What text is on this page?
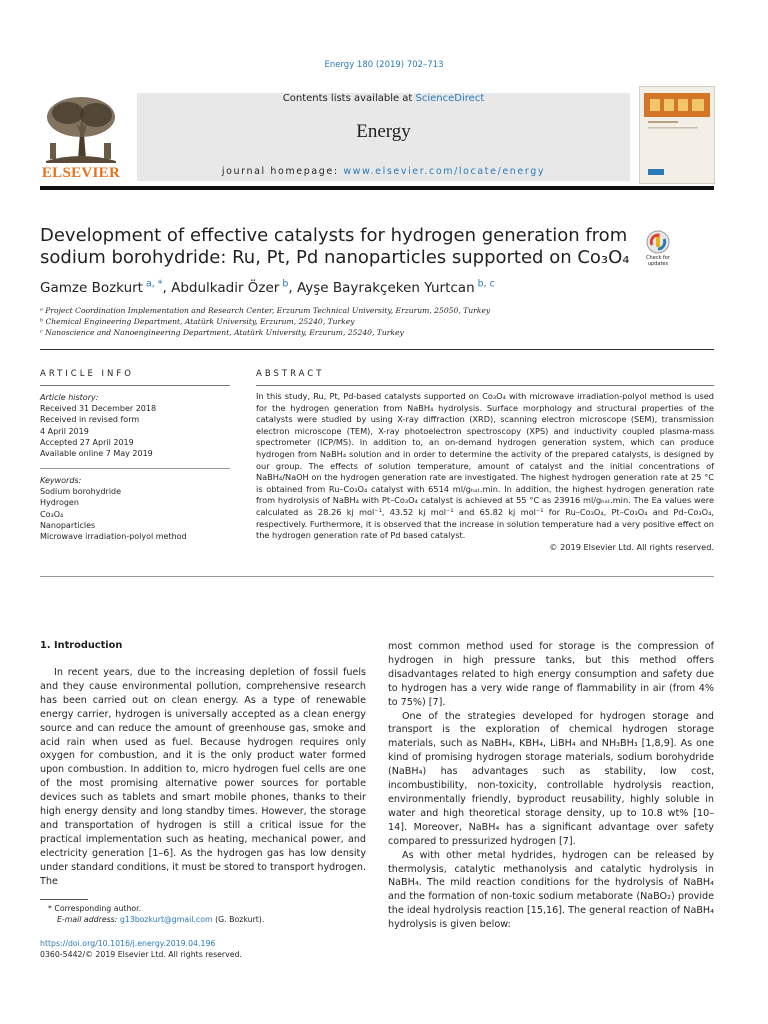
Energy 180 (2019) 702–713
ELSEVIER
Contents lists available at ScienceDirect
Energy
journal homepage: www.elsevier.com/locate/energy
Development of effective catalysts for hydrogen generation from sodium borohydride: Ru, Pt, Pd nanoparticles supported on Co₃O₄	Check for
updates
Gamze Bozkurt $^{a, *}$, Abdulkadir Özer $^b$, Ayşe Bayrakçeken Yurtcan $^{b, c}$
ᵃ Project Coordination Implementation and Research Center, Erzurum Technical University, Erzurum, 25050, Turkey
ᵇ Chemical Engineering Department, Atatürk University, Erzurum, 25240, Turkey
ᶜ Nanoscience and Nanoengineering Department, Atatürk University, Erzurum, 25240, Turkey
ARTICLE INFO
Article history:
Received 31 December 2018
Received in revised form
4 April 2019
Accepted 27 April 2019
Available online 7 May 2019
Keywords:
Sodium borohydride
Hydrogen
Co₃O₄
Nanoparticles
Microwave irradiation-polyol method
ABSTRACT

In this study, Ru, Pt, Pd-based catalysts supported on Co₃O₄ with microwave irradiation-polyol method is used for the hydrogen generation from NaBH₄ hydrolysis. Surface morphology and structural properties of the catalysts were studied by using X-ray diffraction (XRD), scanning electron microscope (SEM), transmission electron microscope (TEM), X-ray photoelectron spectroscopy (XPS) and inductivity coupled plasma-mass spectrometer (ICP/MS). In addition to, an on-demand hydrogen generation system, which can produce hydrogen from NaBH₄ solution and in order to determine the activity of the prepared catalysts, is designed by our group. The effects of solution temperature, amount of catalyst and the initial concentrations of NaBH₄/NaOH on the hydrogen generation rate are investigated. The highest hydrogen generation rate at 25 °C is obtained from Ru–Co₃O₄ catalyst with 6514 ml/gₕₐₜ.min. In addition, the highest hydrogen generation rate from hydrolysis of NaBH₄ with Pt–Co₃O₄ catalyst is achieved at 55 °C as 23916 ml/gₕₐₜ.min. The Ea values were calculated as 28.26 kj mol⁻¹, 43.52 kj mol⁻¹ and 65.82 kj mol⁻¹ for Ru–Co₃O₄, Pt–Co₃O₄ and Pd–Co₃O₄, respectively. Furthermore, it is observed that the increase in solution temperature had a very positive effect on the hydrogen generation rate of Pd based catalyst.
© 2019 Elsevier Ltd. All rights reserved.

1. Introduction

In recent years, due to the increasing depletion of fossil fuels and they cause environmental pollution, comprehensive research has been carried out on clean energy. As a type of renewable energy carrier, hydrogen is universally accepted as a clean energy source and can reduce the amount of greenhouse gas, smoke and acid rain when used as fuel. Because hydrogen requires only oxygen for combustion, and it is the only product water formed upon combustion. In addition to, micro hydrogen fuel cells are one of the most promising alternative power sources for portable devices such as tablets and smart mobile phones, thanks to their high energy density and long standby times. However, the storage and transportation of hydrogen is still a critical issue for the practical implementation such as heating, mechanical power, and electricity generation [1–6]. As the hydrogen gas has low density under standard conditions, it must be stored to transport hydrogen. The

most common method used for storage is the compression of hydrogen in high pressure tanks, but this method offers disadvantages related to high energy consumption and safety due to hydrogen has a very wide range of flammability in air (from 4% to 75%) [7].

One of the strategies developed for hydrogen storage and transport is the exploration of chemical hydrogen storage materials, such as NaBH₄, KBH₄, LiBH₄ and NH₃BH₃ [1,8,9]. As one kind of promising hydrogen storage materials, sodium borohydride (NaBH₄) has advantages such as stability, low cost, incombustibility, non-toxicity, controllable hydrolysis reaction, environmentally friendly, byproduct reusability, highly soluble in water and high theoretical storage density, up to 10.8 wt% [10–14]. Moreover, NaBH₄ has a significant advantage over safety compared to pressurized hydrogen [7].

As with other metal hydrides, hydrogen can be released by thermolysis, catalytic methanolysis and catalytic hydrolysis in NaBH₄. The mild reaction conditions for the hydrolysis of NaBH₄ and the formation of non-toxic sodium metaborate (NaBO₂) provide the ideal hydrolysis reaction [15,16]. The general reaction of NaBH₄ hydrolysis is given below:

* Corresponding author.
E-mail address: g13bozkurt@gmail.com (G. Bozkurt).
https://doi.org/10.1016/j.energy.2019.04.196
0360-5442/© 2019 Elsevier Ltd. All rights reserved.
